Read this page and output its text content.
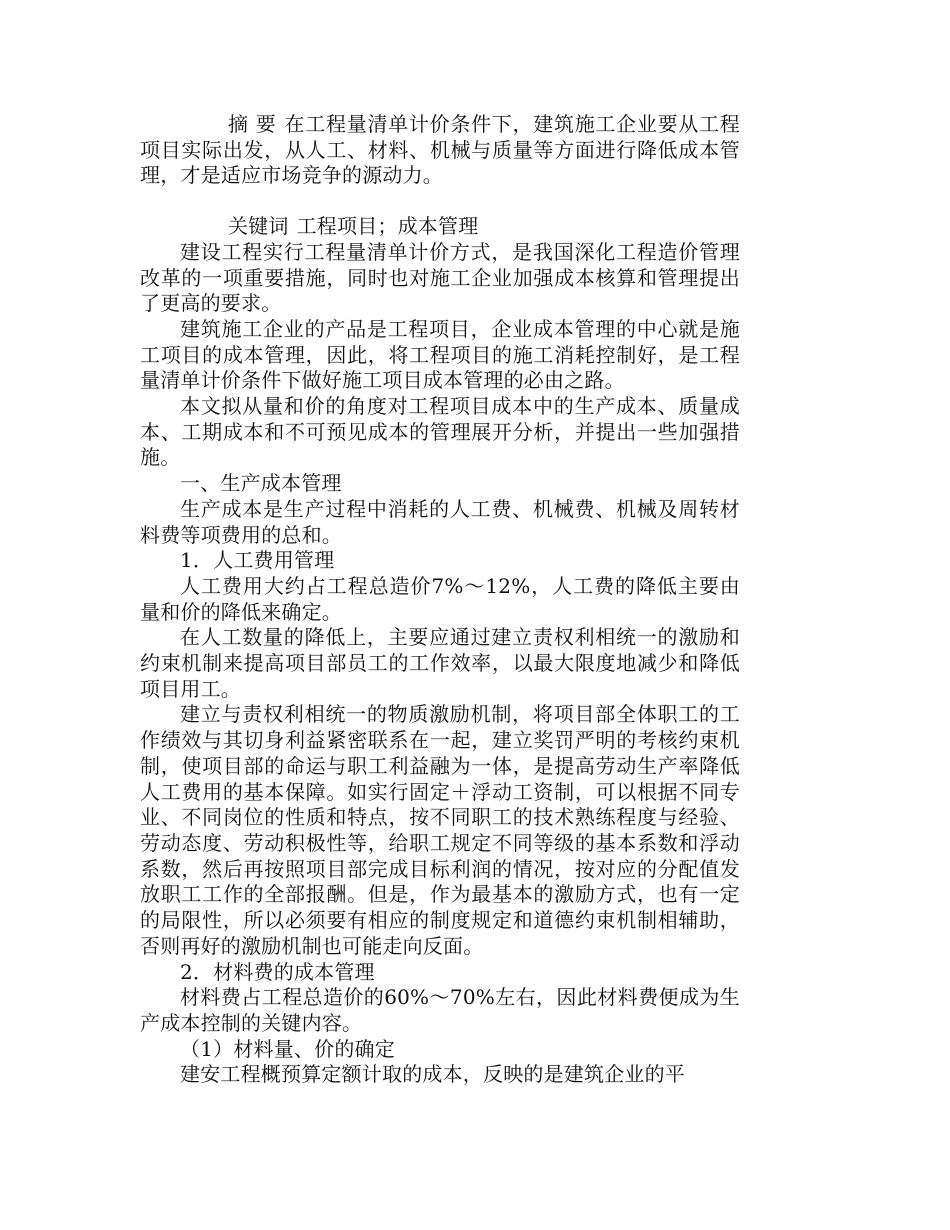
摘 要 在工程量清单计价条件下，建筑施工企业要从工程项目实际出发，从人工、材料、机械与质量等方面进行降低成本管理，才是适应市场竞争的源动力。

关键词 工程项目；成本管理

建设工程实行工程量清单计价方式，是我国深化工程造价管理改革的一项重要措施，同时也对施工企业加强成本核算和管理提出了更高的要求。

建筑施工企业的产品是工程项目，企业成本管理的中心就是施工项目的成本管理，因此，将工程项目的施工消耗控制好，是工程量清单计价条件下做好施工项目成本管理的必由之路。

本文拟从量和价的角度对工程项目成本中的生产成本、质量成本、工期成本和不可预见成本的管理展开分析，并提出一些加强措施。

一、生产成本管理

生产成本是生产过程中消耗的人工费、机械费、机械及周转材料费等项费用的总和。

1．人工费用管理

人工费用大约占工程总造价7%～12%，人工费的降低主要由量和价的降低来确定。

在人工数量的降低上，主要应通过建立责权利相统一的激励和约束机制来提高项目部员工的工作效率，以最大限度地减少和降低项目用工。

建立与责权利相统一的物质激励机制，将项目部全体职工的工作绩效与其切身利益紧密联系在一起，建立奖罚严明的考核约束机制，使项目部的命运与职工利益融为一体，是提高劳动生产率降低人工费用的基本保障。如实行固定＋浮动工资制，可以根据不同专业、不同岗位的性质和特点，按不同职工的技术熟练程度与经验、劳动态度、劳动积极性等，给职工规定不同等级的基本系数和浮动系数，然后再按照项目部完成目标利润的情况，按对应的分配值发放职工工作的全部报酬。但是，作为最基本的激励方式，也有一定的局限性，所以必须要有相应的制度规定和道德约束机制相辅助，否则再好的激励机制也可能走向反面。

2．材料费的成本管理

材料费占工程总造价的60%～70%左右，因此材料费便成为生产成本控制的关键内容。

（1）材料量、价的确定

建安工程概预算定额计取的成本，反映的是建筑企业的平
